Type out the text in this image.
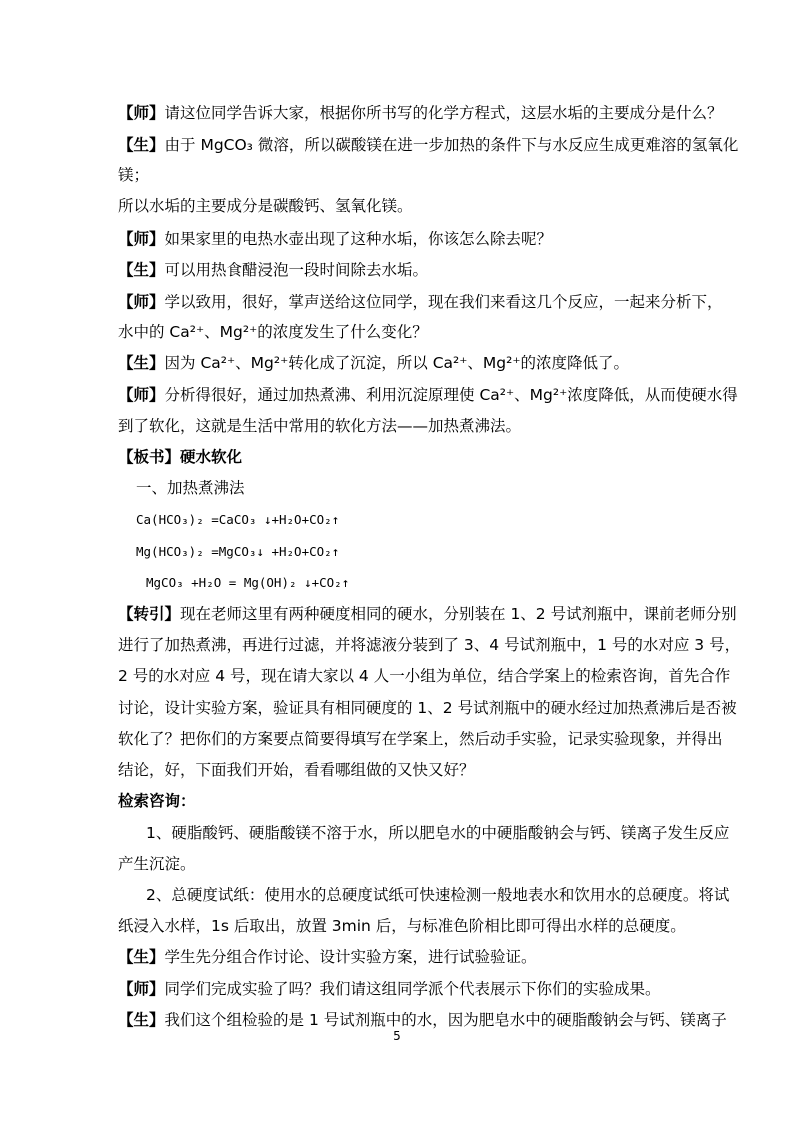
【师】请这位同学告诉大家，根据你所书写的化学方程式，这层水垢的主要成分是什么？
【生】由于 MgCO₃ 微溶，所以碳酸镁在进一步加热的条件下与水反应生成更难溶的氢氧化
镁；
所以水垢的主要成分是碳酸钙、氢氧化镁。
【师】如果家里的电热水壶出现了这种水垢，你该怎么除去呢？
【生】可以用热食醋浸泡一段时间除去水垢。
【师】学以致用，很好，掌声送给这位同学，现在我们来看这几个反应，一起来分析下，
水中的 Ca²⁺、Mg²⁺的浓度发生了什么变化？
【生】因为 Ca²⁺、Mg²⁺转化成了沉淀，所以 Ca²⁺、Mg²⁺的浓度降低了。
【师】分析得很好，通过加热煮沸、利用沉淀原理使 Ca²⁺、Mg²⁺浓度降低，从而使硬水得
到了软化，这就是生活中常用的软化方法——加热煮沸法。
【板书】硬水软化
一、加热煮沸法
Ca(HCO₃)₂ =CaCO₃ ↓+H₂O+CO₂↑
Mg(HCO₃)₂ =MgCO₃↓ +H₂O+CO₂↑
MgCO₃ +H₂O = Mg(OH)₂ ↓+CO₂↑
【转引】现在老师这里有两种硬度相同的硬水，分别装在 1、2 号试剂瓶中，课前老师分别
进行了加热煮沸，再进行过滤，并将滤液分装到了 3、4 号试剂瓶中，1 号的水对应 3 号，
2 号的水对应 4 号，现在请大家以 4 人一小组为单位，结合学案上的检索咨询，首先合作
讨论，设计实验方案，验证具有相同硬度的 1、2 号试剂瓶中的硬水经过加热煮沸后是否被
软化了？把你们的方案要点简要得填写在学案上，然后动手实验，记录实验现象，并得出
结论，好，下面我们开始，看看哪组做的又快又好？
检索咨询：
1、硬脂酸钙、硬脂酸镁不溶于水，所以肥皂水的中硬脂酸钠会与钙、镁离子发生反应
产生沉淀。
2、总硬度试纸：使用水的总硬度试纸可快速检测一般地表水和饮用水的总硬度。将试
纸浸入水样，1s 后取出，放置 3min 后，与标准色阶相比即可得出水样的总硬度。
【生】学生先分组合作讨论、设计实验方案，进行试验验证。
【师】同学们完成实验了吗？我们请这组同学派个代表展示下你们的实验成果。
【生】我们这个组检验的是 1 号试剂瓶中的水，因为肥皂水中的硬脂酸钠会与钙、镁离子
5
